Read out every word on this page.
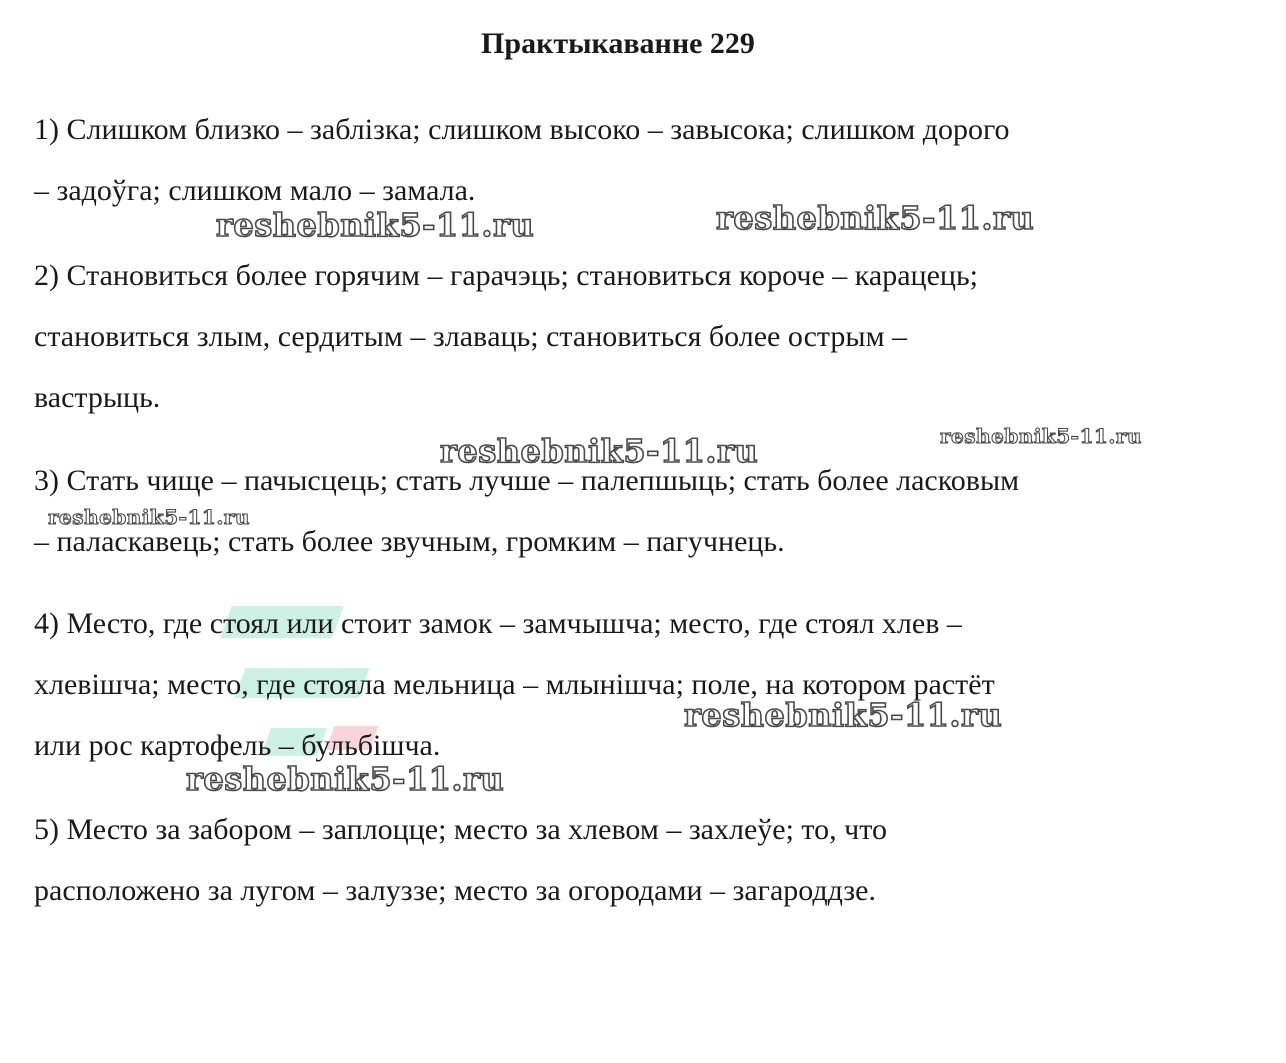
Практыкаванне 229

1) Слишком близко – заблізка; слишком высоко – завысока; слишком дорого
– задоўга; слишком мало – замала.

2) Становиться более горячим – гарачэць; становиться короче – карацець;
становиться злым, сердитым – злавaць; становиться более острым –
вастрыць.

3) Стать чище – пачысцець; стать лучше – палепшыць; стать более ласковым
– паласкавець; стать более звучным, громким – пагучнець.

4) Место, где стоял или стоит замок – замчышча; место, где стоял хлев –
хлевiшча; место, где стояла мельница – млынiшча; поле, на котором растёт
или рос картофель – бульбiшча.

5) Место за забором – заплоцце; место за хлевом – захлеўе; то, что
расположено за лугом – залуззе; место за огородами – загароддзе.

reshebnik5-11.ru	reshebnik5-11.ru
reshebnik5-11.ru	reshebnik5-11.ru
reshebnik5-11.ru
reshebnik5-11.ru
reshebnik5-11.ru
